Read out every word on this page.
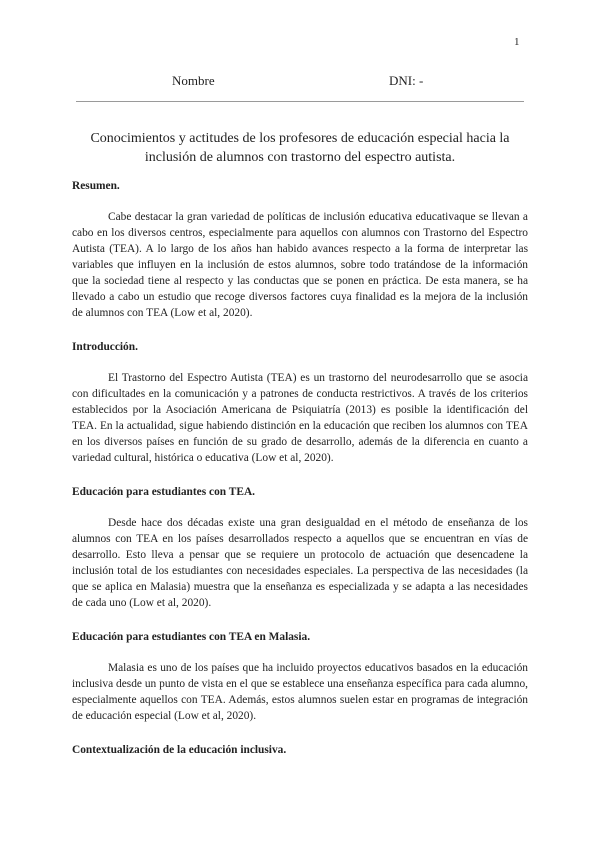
1
Nombre	DNI: -
Conocimientos y actitudes de los profesores de educación especial hacia la inclusión de alumnos con trastorno del espectro autista.

Resumen.

Cabe destacar la gran variedad de políticas de inclusión educativa educativaque se llevan a cabo en los diversos centros, especialmente para aquellos con alumnos con Trastorno del Espectro Autista (TEA). A lo largo de los años han habido avances respecto a la forma de interpretar las variables que influyen en la inclusión de estos alumnos, sobre todo tratándose de la información que la sociedad tiene al respecto y las conductas que se ponen en práctica. De esta manera, se ha llevado a cabo un estudio que recoge diversos factores cuya finalidad es la mejora de la inclusión de alumnos con TEA (Low et al, 2020).

Introducción.

El Trastorno del Espectro Autista (TEA) es un trastorno del neurodesarrollo que se asocia con dificultades en la comunicación y a patrones de conducta restrictivos. A través de los criterios establecidos por la Asociación Americana de Psiquiatría (2013) es posible la identificación del TEA. En la actualidad, sigue habiendo distinción en la educación que reciben los alumnos con TEA en los diversos países en función de su grado de desarrollo, además de la diferencia en cuanto a variedad cultural, histórica o educativa (Low et al, 2020).

Educación para estudiantes con TEA.

Desde hace dos décadas existe una gran desigualdad en el método de enseñanza de los alumnos con TEA en los países desarrollados respecto a aquellos que se encuentran en vías de desarrollo. Esto lleva a pensar que se requiere un protocolo de actuación que desencadene la inclusión total de los estudiantes con necesidades especiales. La perspectiva de las necesidades (la que se aplica en Malasia) muestra que la enseñanza es especializada y se adapta a las necesidades de cada uno (Low et al, 2020).

Educación para estudiantes con TEA en Malasia.

Malasia es uno de los países que ha incluido proyectos educativos basados en la educación inclusiva desde un punto de vista en el que se establece una enseñanza específica para cada alumno, especialmente aquellos con TEA. Además, estos alumnos suelen estar en programas de integración de educación especial (Low et al, 2020).

Contextualización de la educación inclusiva.
